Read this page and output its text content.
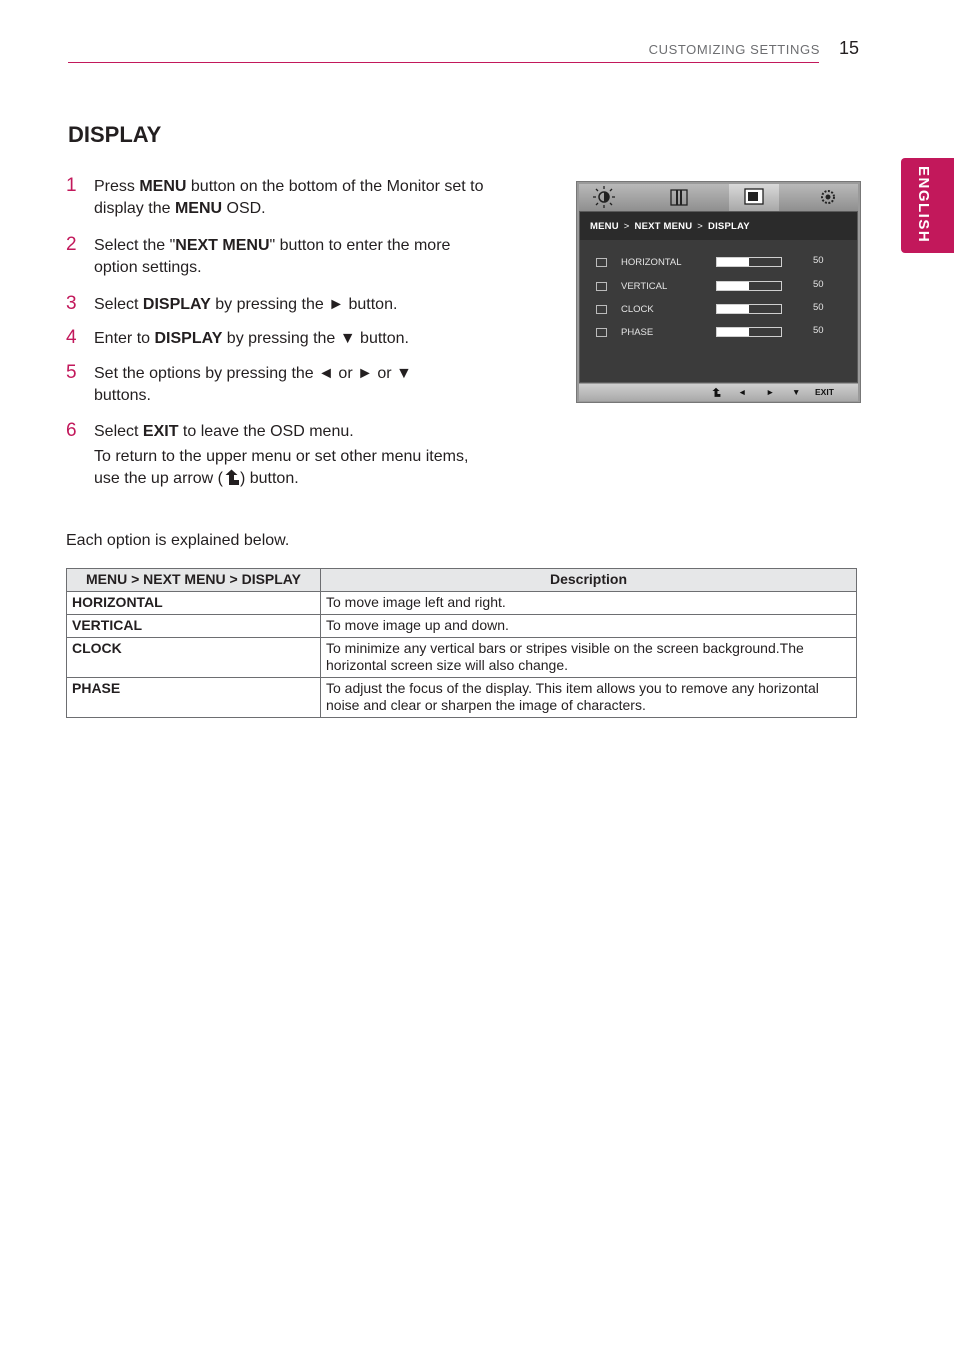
CUSTOMIZING SETTINGS 15
ENGLISH
DISPLAY
1 Press MENU button on the bottom of the Monitor set to display the MENU OSD.
2 Select the "NEXT MENU" button to enter the more option settings.
3 Select DISPLAY by pressing the ► button.
4 Enter to DISPLAY by pressing the ▼ button.
5 Set the options by pressing the ◄ or ► or ▼ buttons.
6 Select EXIT to leave the OSD menu.
To return to the upper menu or set other menu items, use the up arrow ( ) button.
MENU > NEXT MENU > DISPLAY
HORIZONTAL	50
VERTICAL	50
CLOCK	50
PHASE	50
◄ ► ▼ EXIT
Each option is explained below.
MENU > NEXT MENU > DISPLAY	Description
HORIZONTAL	To move image left and right.
VERTICAL	To move image up and down.
CLOCK	To minimize any vertical bars or stripes visible on the screen background.The horizontal screen size will also change.
PHASE	To adjust the focus of the display. This item allows you to remove any horizontal noise and clear or sharpen the image of characters.
